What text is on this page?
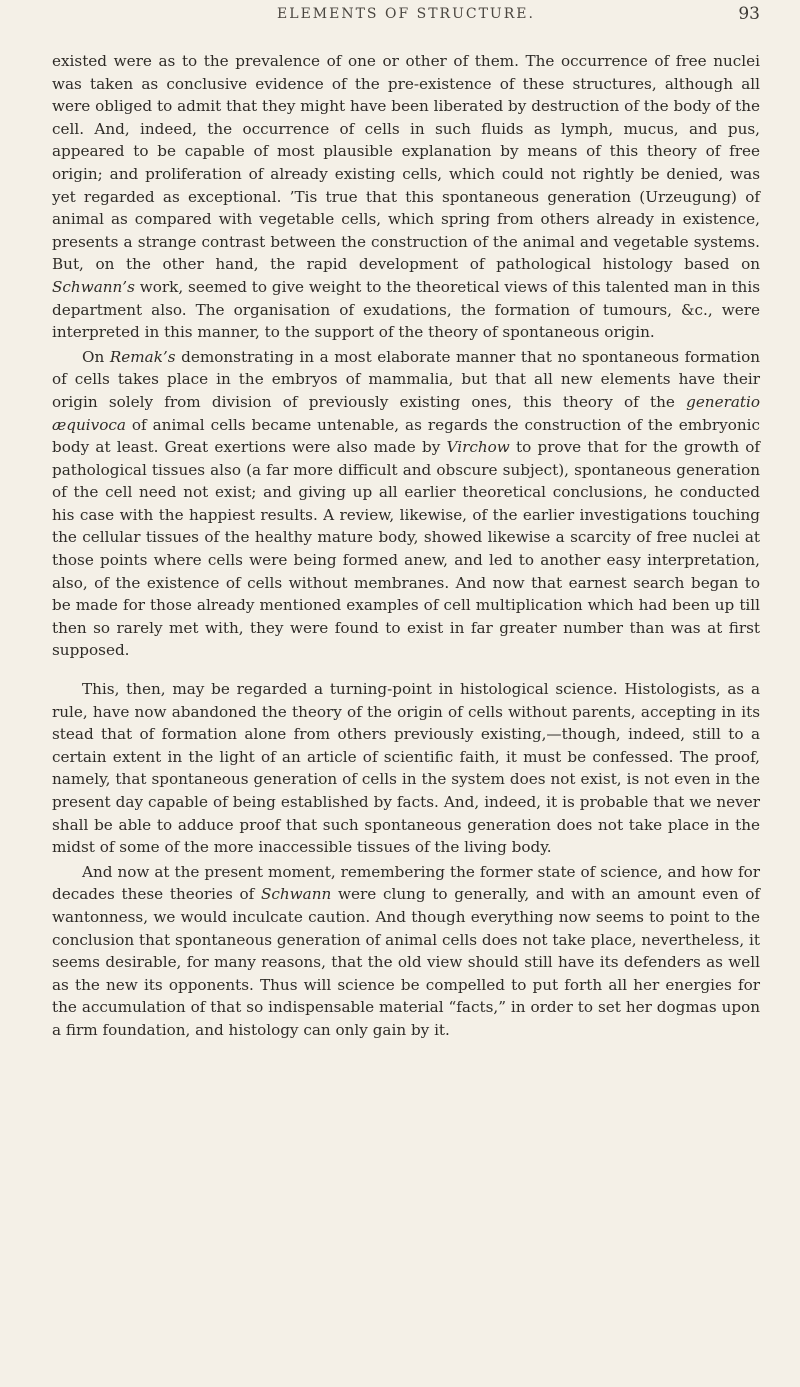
ELEMENTS OF STRUCTURE.	93

existed were as to the prevalence of one or other of them. The occurrence of free nuclei was taken as conclusive evidence of the pre-existence of these structures, although all were obliged to admit that they might have been liberated by destruction of the body of the cell. And, indeed, the occurrence of cells in such fluids as lymph, mucus, and pus, appeared to be capable of most plausible explanation by means of this theory of free origin; and proliferation of already existing cells, which could not rightly be denied, was yet regarded as exceptional. ’Tis true that this spontaneous generation (Urzeugung) of animal as compared with vegetable cells, which spring from others already in existence, presents a strange contrast between the construction of the animal and vegetable systems. But, on the other hand, the rapid development of pathological histology based on Schwann’s work, seemed to give weight to the theoretical views of this talented man in this department also. The organisation of exudations, the formation of tumours, &c., were interpreted in this manner, to the support of the theory of spontaneous origin.

On Remak’s demonstrating in a most elaborate manner that no spontaneous formation of cells takes place in the embryos of mammalia, but that all new elements have their origin solely from division of previously existing ones, this theory of the generatio æquivoca of animal cells became untenable, as regards the construction of the embryonic body at least. Great exertions were also made by Virchow to prove that for the growth of pathological tissues also (a far more difficult and obscure subject), spontaneous generation of the cell need not exist; and giving up all earlier theoretical conclusions, he conducted his case with the happiest results. A review, likewise, of the earlier investigations touching the cellular tissues of the healthy mature body, showed likewise a scarcity of free nuclei at those points where cells were being formed anew, and led to another easy interpretation, also, of the existence of cells without membranes. And now that earnest search began to be made for those already mentioned examples of cell multiplication which had been up till then so rarely met with, they were found to exist in far greater number than was at first supposed.

This, then, may be regarded a turning-point in histological science. Histologists, as a rule, have now abandoned the theory of the origin of cells without parents, accepting in its stead that of formation alone from others previously existing,—though, indeed, still to a certain extent in the light of an article of scientific faith, it must be confessed. The proof, namely, that spontaneous generation of cells in the system does not exist, is not even in the present day capable of being established by facts. And, indeed, it is probable that we never shall be able to adduce proof that such spontaneous generation does not take place in the midst of some of the more inaccessible tissues of the living body.

And now at the present moment, remembering the former state of science, and how for decades these theories of Schwann were clung to generally, and with an amount even of wantonness, we would inculcate caution. And though everything now seems to point to the conclusion that spontaneous generation of animal cells does not take place, nevertheless, it seems desirable, for many reasons, that the old view should still have its defenders as well as the new its opponents. Thus will science be compelled to put forth all her energies for the accumulation of that so indispensable material “facts,” in order to set her dogmas upon a firm foundation, and histology can only gain by it.
